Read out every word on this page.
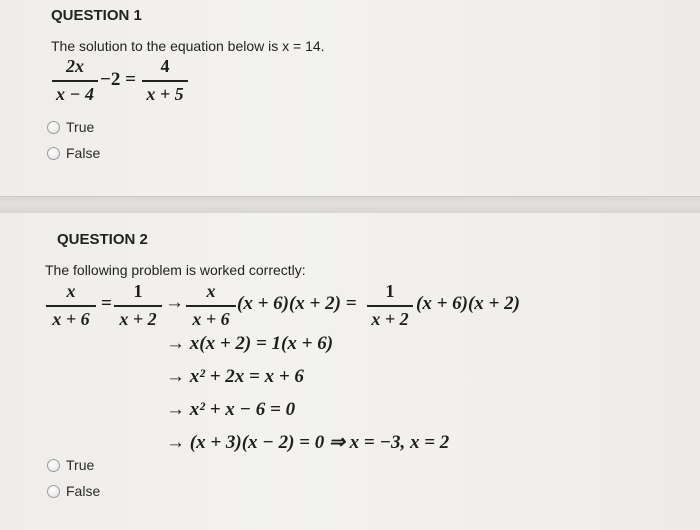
QUESTION 1
The solution to the equation below is x = 14.
2x
x − 4
−2 =
4
x + 5
True
False
QUESTION 2
The following problem is worked correctly:
x
x + 6
=
1
x + 2
→
x
x + 6
(x + 6)(x + 2) =
1
x + 2
(x + 6)(x + 2)
→ x(x + 2) = 1(x + 6)
→ x² + 2x = x + 6
→ x² + x − 6 = 0
→ (x + 3)(x − 2) = 0 ⇒ x = −3, x = 2
True
False
